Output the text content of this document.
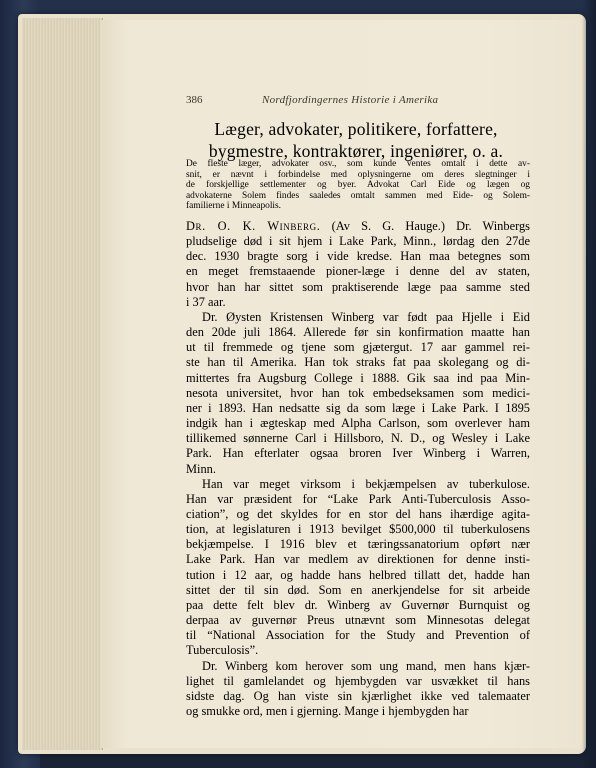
386	Nordfjordingernes Historie i Amerika
Læger, advokater, politikere, forfattere, bygmestre, kontraktører, ingeniører, o. a.
De fleste læger, advokater osv., som kunde ventes omtalt i dette av-
snit, er nævnt i forbindelse med oplysningerne om deres slegtninger i
de forskjellige settlementer og byer. Advokat Carl Eide og lægen og
advokaterne Solem findes saaledes omtalt sammen med Eide- og Solem-
familierne i Minneapolis.
Dr. O. K. Winberg. (Av S. G. Hauge.) Dr. Winbergs
pludselige død i sit hjem i Lake Park, Minn., lørdag den 27de
dec. 1930 bragte sorg i vide kredse. Han maa betegnes som
en meget fremstaaende pioner-læge i denne del av staten,
hvor han har sittet som praktiserende læge paa samme sted
i 37 aar.
Dr. Øysten Kristensen Winberg var født paa Hjelle i Eid
den 20de juli 1864. Allerede før sin konfirmation maatte han
ut til fremmede og tjene som gjætergut. 17 aar gammel rei-
ste han til Amerika. Han tok straks fat paa skolegang og di-
mittertes fra Augsburg College i 1888. Gik saa ind paa Min-
nesota universitet, hvor han tok embedseksamen som medici-
ner i 1893. Han nedsatte sig da som læge i Lake Park. I 1895
indgik han i ægteskap med Alpha Carlson, som overlever ham
tillikemed sønnerne Carl i Hillsboro, N. D., og Wesley i Lake
Park. Han efterlater ogsaa broren Iver Winberg i Warren,
Minn.
Han var meget virksom i bekjæmpelsen av tuberkulose.
Han var præsident for “Lake Park Anti-Tuberculosis Asso-
ciation”, og det skyldes for en stor del hans ihærdige agita-
tion, at legislaturen i 1913 bevilget $500,000 til tuberkulosens
bekjæmpelse. I 1916 blev et tæringssanatorium opført nær
Lake Park. Han var medlem av direktionen for denne insti-
tution i 12 aar, og hadde hans helbred tillatt det, hadde han
sittet der til sin død. Som en anerkjendelse for sit arbeide
paa dette felt blev dr. Winberg av Guvernør Burnquist og
derpaa av guvernør Preus utnævnt som Minnesotas delegat
til “National Association for the Study and Prevention of
Tuberculosis”.
Dr. Winberg kom herover som ung mand, men hans kjær-
lighet til gamlelandet og hjembygden var usvækket til hans
sidste dag. Og han viste sin kjærlighet ikke ved talemaater
og smukke ord, men i gjerning. Mange i hjembygden har
